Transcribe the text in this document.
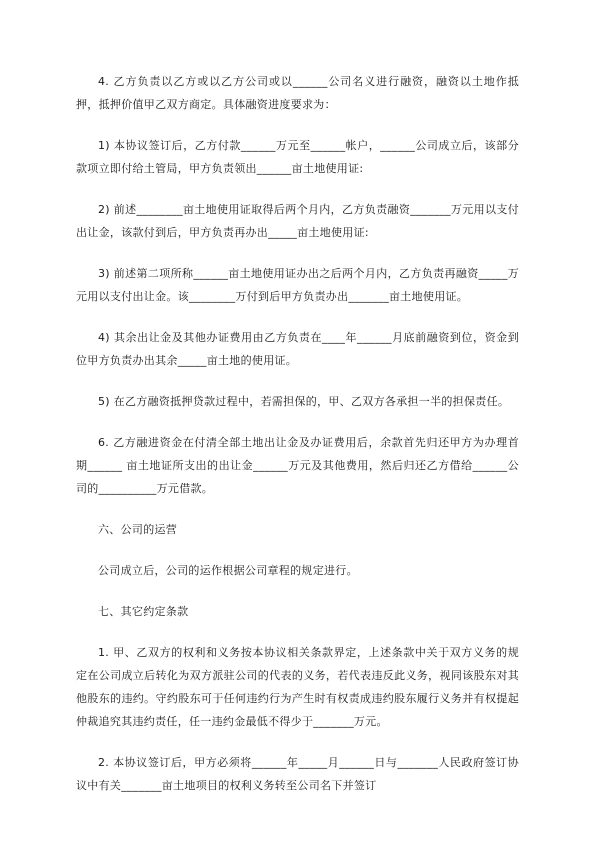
4. 乙方负责以乙方或以乙方公司或以______公司名义进行融资，融资以土地作抵押，抵押价值甲乙双方商定。具体融资进度要求为：

1) 本协议签订后，乙方付款______万元至______帐户，______公司成立后，该部分款项立即付给土管局，甲方负责领出______亩土地使用证:

2) 前述________亩土地使用证取得后两个月内，乙方负责融资_______万元用以支付出让金，该款付到后，甲方负责再办出_____亩土地使用证:

3) 前述第二项所称______亩土地使用证办出之后两个月内，乙方负责再融资_____万元用以支付出让金。该________万付到后甲方负责办出_______亩土地使用证。

4) 其余出让金及其他办证费用由乙方负责在____年______月底前融资到位，资金到位甲方负责办出其余_____亩土地的使用证。

5) 在乙方融资抵押贷款过程中，若需担保的，甲、乙双方各承担一半的担保责任。

6. 乙方融进资金在付清全部土地出让金及办证费用后，余款首先归还甲方为办理首期______ 亩土地证所支出的出让金______万元及其他费用，然后归还乙方借给______公司的__________万元借款。

六、公司的运营

公司成立后，公司的运作根据公司章程的规定进行。

七、其它约定条款

1. 甲、乙双方的权利和义务按本协议相关条款界定，上述条款中关于双方义务的规定在公司成立后转化为双方派驻公司的代表的义务，若代表违反此义务，视同该股东对其他股东的违约。守约股东可于任何违约行为产生时有权责成违约股东履行义务并有权提起仲裁追究其违约责任，任一违约金最低不得少于_______万元。

2. 本协议签订后，甲方必须将______年_____月______日与_______人民政府签订协议中有关_______亩土地项目的权利义务转至公司名下并签订
